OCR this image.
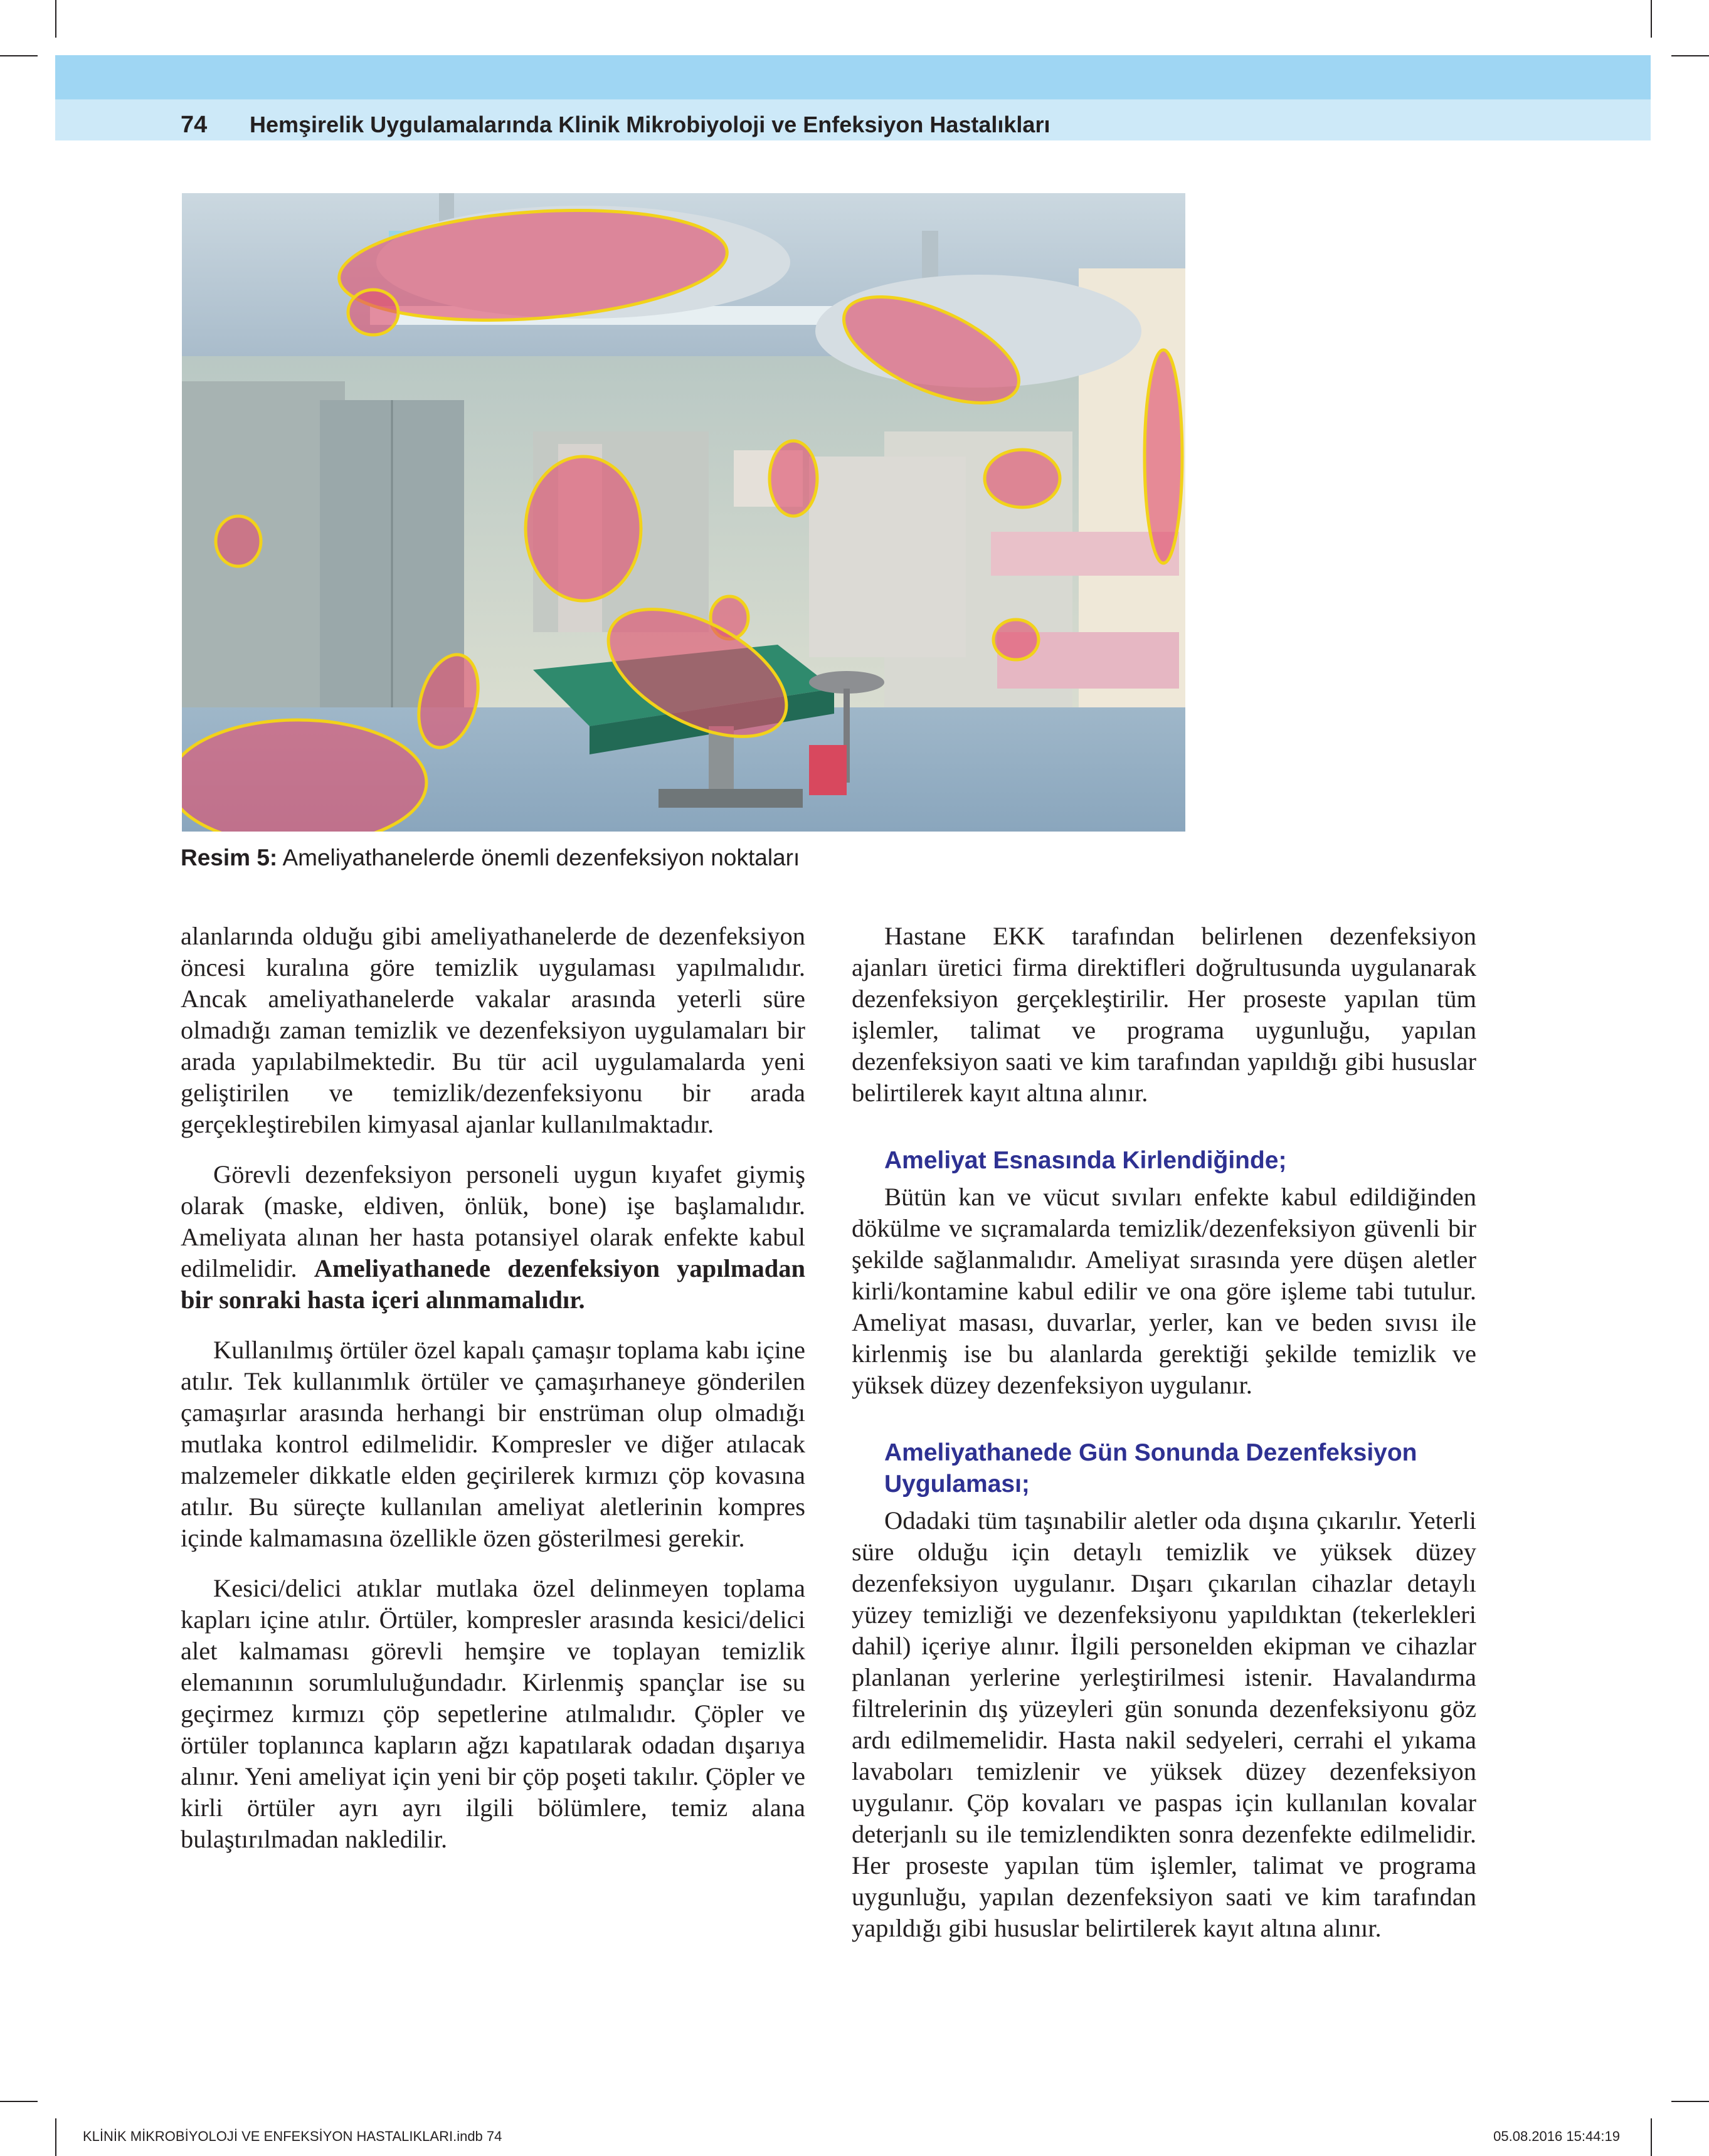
74 Hemşirelik Uygulamalarında Klinik Mikrobiyoloji ve Enfeksiyon Hastalıkları
Resim 5: Ameliyathanelerde önemli dezenfeksiyon noktaları

alanlarında olduğu gibi ameliyathanelerde de dezenfeksiyon öncesi kuralına göre temizlik uygulaması yapılmalıdır. Ancak ameliyathanelerde vakalar arasında yeterli süre olmadığı zaman temizlik ve dezenfeksiyon uygulamaları bir arada yapılabilmektedir. Bu tür acil uygulamalarda yeni geliştirilen ve temizlik/dezenfeksiyonu bir arada gerçekleştirebilen kimyasal ajanlar kullanılmaktadır.

Görevli dezenfeksiyon personeli uygun kıyafet giymiş olarak (maske, eldiven, önlük, bone) işe başlamalıdır. Ameliyata alınan her hasta potansiyel olarak enfekte kabul edilmelidir. Ameliyathanede dezenfeksiyon yapılmadan bir sonraki hasta içeri alınmamalıdır.

Kullanılmış örtüler özel kapalı çamaşır toplama kabı içine atılır. Tek kullanımlık örtüler ve çamaşırhaneye gönderilen çamaşırlar arasında herhangi bir enstrüman olup olmadığı mutlaka kontrol edilmelidir. Kompresler ve diğer atılacak malzemeler dikkatle elden geçirilerek kırmızı çöp kovasına atılır. Bu süreçte kullanılan ameliyat aletlerinin kompres içinde kalmamasına özellikle özen gösterilmesi gerekir.

Kesici/delici atıklar mutlaka özel delinmeyen toplama kapları içine atılır. Örtüler, kompresler arasında kesici/delici alet kalmaması görevli hemşire ve toplayan temizlik elemanının sorumluluğundadır. Kirlenmiş spançlar ise su geçirmez kırmızı çöp sepetlerine atılmalıdır. Çöpler ve örtüler toplanınca kapların ağzı kapatılarak odadan dışarıya alınır. Yeni ameliyat için yeni bir çöp poşeti takılır. Çöpler ve kirli örtüler ayrı ayrı ilgili bölümlere, temiz alana bulaştırılmadan nakledilir.

Hastane EKK tarafından belirlenen dezenfeksiyon ajanları üretici firma direktifleri doğrultusunda uygulanarak dezenfeksiyon gerçekleştirilir. Her proseste yapılan tüm işlemler, talimat ve programa uygunluğu, yapılan dezenfeksiyon saati ve kim tarafından yapıldığı gibi hususlar belirtilerek kayıt altına alınır.

Ameliyat Esnasında Kirlendiğinde;

Bütün kan ve vücut sıvıları enfekte kabul edildiğinden dökülme ve sıçramalarda temizlik/dezenfeksiyon güvenli bir şekilde sağlanmalıdır. Ameliyat sırasında yere düşen aletler kirli/kontamine kabul edilir ve ona göre işleme tabi tutulur. Ameliyat masası, duvarlar, yerler, kan ve beden sıvısı ile kirlenmiş ise bu alanlarda gerektiği şekilde temizlik ve yüksek düzey dezenfeksiyon uygulanır.

Ameliyathanede Gün Sonunda Dezenfeksiyon Uygulaması;

Odadaki tüm taşınabilir aletler oda dışına çıkarılır. Yeterli süre olduğu için detaylı temizlik ve yüksek düzey dezenfeksiyon uygulanır. Dışarı çıkarılan cihazlar detaylı yüzey temizliği ve dezenfeksiyonu yapıldıktan (tekerlekleri dahil) içeriye alınır. İlgili personelden ekipman ve cihazlar planlanan yerlerine yerleştirilmesi istenir. Havalandırma filtrelerinin dış yüzeyleri gün sonunda dezenfeksiyonu göz ardı edilmemelidir. Hasta nakil sedyeleri, cerrahi el yıkama lavaboları temizlenir ve yüksek düzey dezenfeksiyon uygulanır. Çöp kovaları ve paspas için kullanılan kovalar deterjanlı su ile temizlendikten sonra dezenfekte edilmelidir. Her proseste yapılan tüm işlemler, talimat ve programa uygunluğu, yapılan dezenfeksiyon saati ve kim tarafından yapıldığı gibi hususlar belirtilerek kayıt altına alınır.

KLİNİK MİKROBİYOLOJİ VE ENFEKSİYON HASTALIKLARI.indb 74	05.08.2016 15:44:19
